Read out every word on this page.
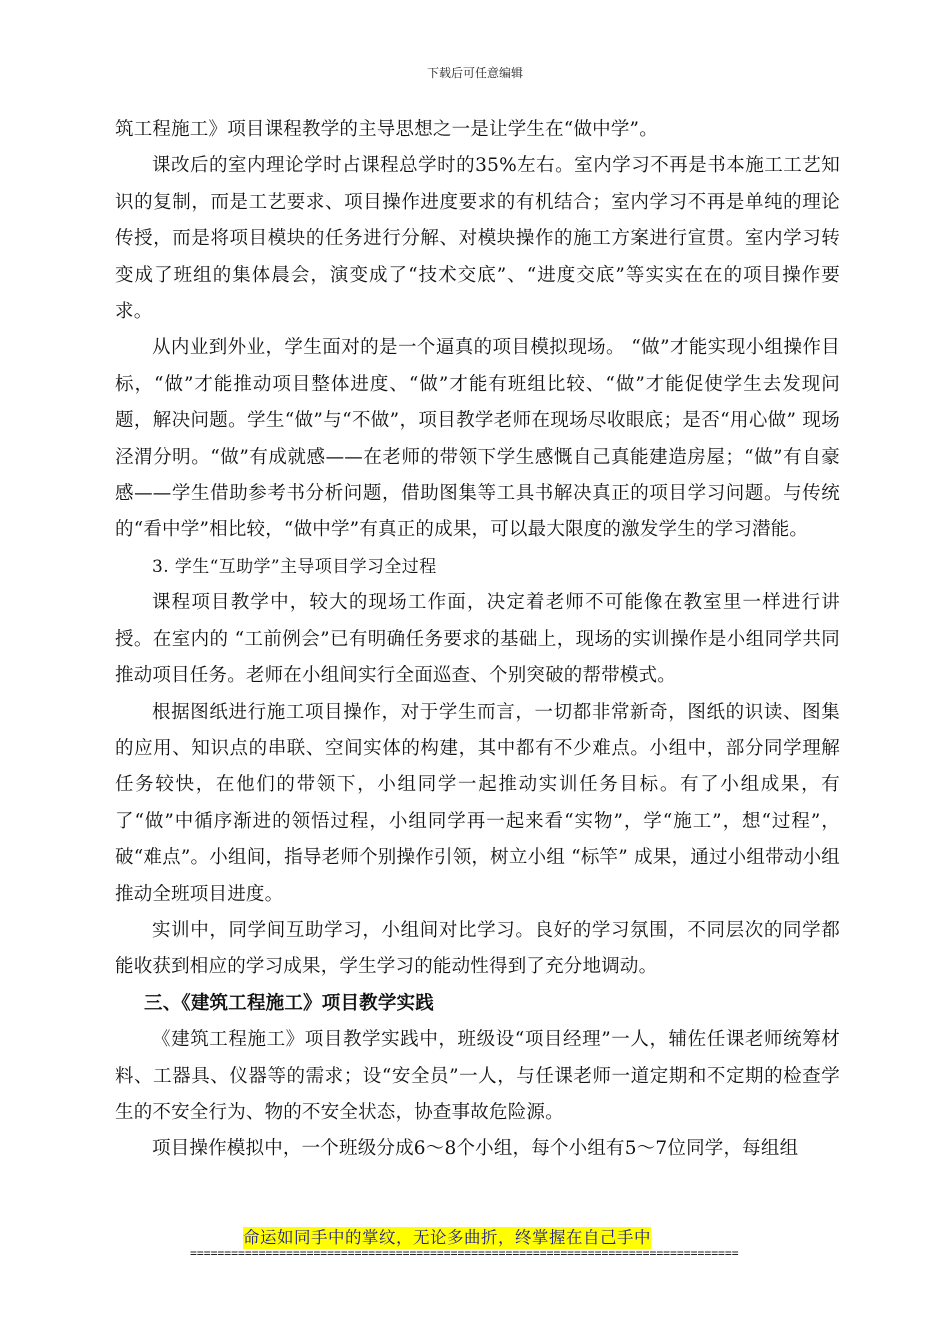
下载后可任意编辑

筑工程施工》项目课程教学的主导思想之一是让学生在“做中学”。

课改后的室内理论学时占课程总学时的35%左右。室内学习不再是书本施工工艺知识的复制，而是工艺要求、项目操作进度要求的有机结合；室内学习不再是单纯的理论传授，而是将项目模块的任务进行分解、对模块操作的施工方案进行宣贯。室内学习转变成了班组的集体晨会，演变成了“技术交底”、“进度交底”等实实在在的项目操作要求。

从内业到外业，学生面对的是一个逼真的项目模拟现场。 “做”才能实现小组操作目标，“做”才能推动项目整体进度、“做”才能有班组比较、“做”才能促使学生去发现问题，解决问题。学生“做”与“不做”，项目教学老师在现场尽收眼底；是否“用心做” 现场泾渭分明。“做”有成就感——在老师的带领下学生感慨自己真能建造房屋；“做”有自豪感——学生借助参考书分析问题，借助图集等工具书解决真正的项目学习问题。与传统的“看中学”相比较，“做中学”有真正的成果，可以最大限度的激发学生的学习潜能。

3. 学生“互助学”主导项目学习全过程

课程项目教学中，较大的现场工作面，决定着老师不可能像在教室里一样进行讲授。在室内的 “工前例会”已有明确任务要求的基础上，现场的实训操作是小组同学共同推动项目任务。老师在小组间实行全面巡查、个别突破的帮带模式。

根据图纸进行施工项目操作，对于学生而言，一切都非常新奇，图纸的识读、图集的应用、知识点的串联、空间实体的构建，其中都有不少难点。小组中，部分同学理解任务较快，在他们的带领下，小组同学一起推动实训任务目标。有了小组成果，有了“做”中循序渐进的领悟过程，小组同学再一起来看“实物”，学“施工”，想“过程”，破“难点”。小组间，指导老师个别操作引领，树立小组 “标竿” 成果，通过小组带动小组推动全班项目进度。

实训中，同学间互助学习，小组间对比学习。良好的学习氛围，不同层次的同学都能收获到相应的学习成果，学生学习的能动性得到了充分地调动。

三、《建筑工程施工》项目教学实践

《建筑工程施工》项目教学实践中，班级设“项目经理”一人，辅佐任课老师统筹材料、工器具、仪器等的需求；设“安全员”一人，与任课老师一道定期和不定期的检查学生的不安全行为、物的不安全状态，协查事故危险源。

项目操作模拟中，一个班级分成6～8个小组，每个小组有5～7位同学，每组组

命运如同手中的掌纹，无论多曲折，终掌握在自己手中
================================================================================
